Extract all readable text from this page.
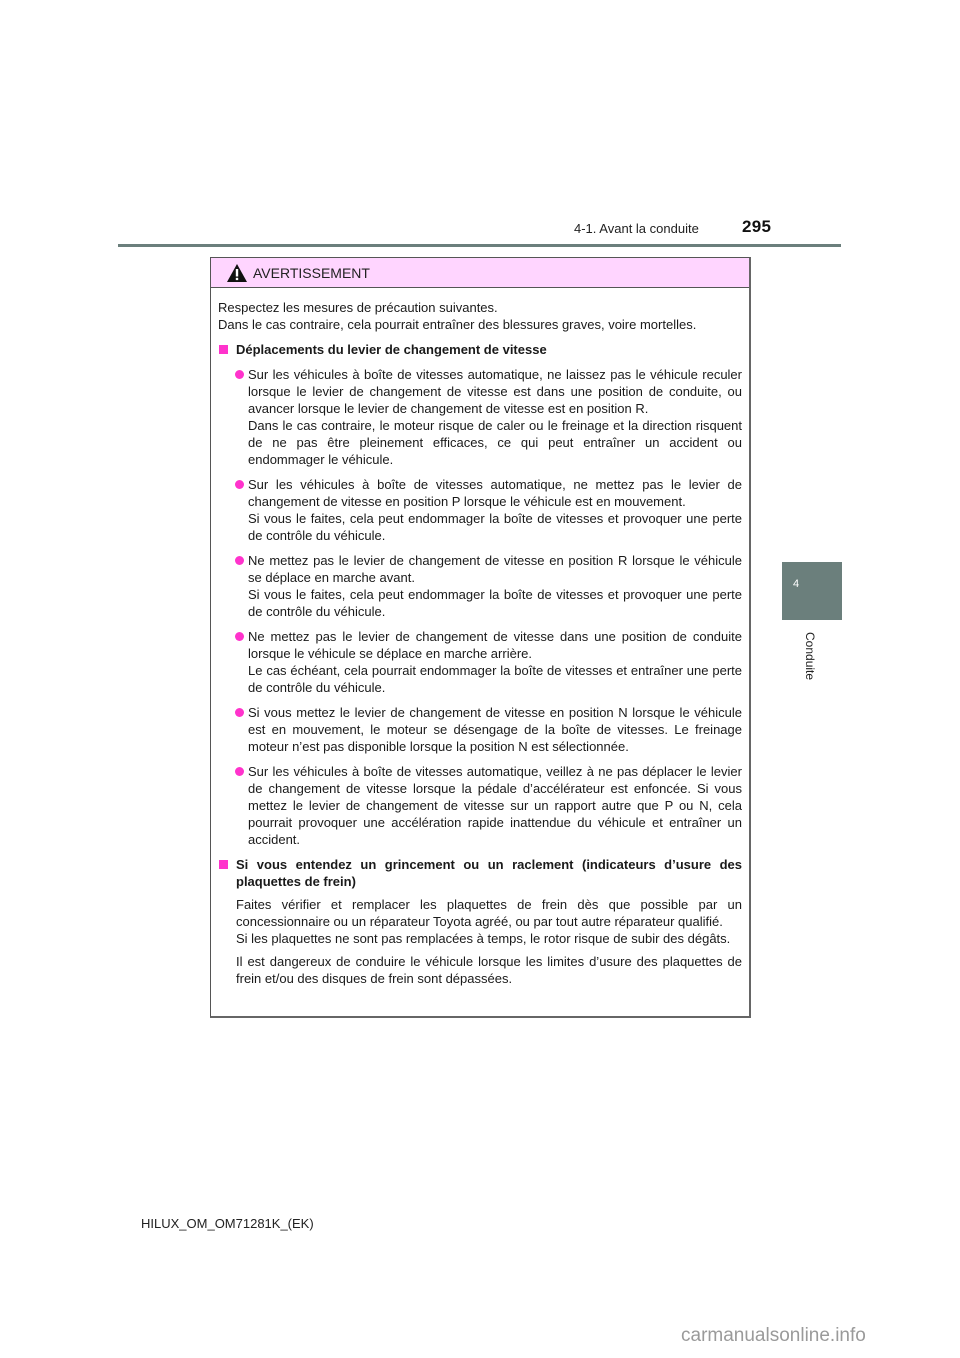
4-1. Avant la conduite	295
4
Conduite
AVERTISSEMENT

Respectez les mesures de précaution suivantes.

Dans le cas contraire, cela pourrait entraîner des blessures graves, voire mortelles.

Déplacements du levier de changement de vitesse

Sur les véhicules à boîte de vitesses automatique, ne laissez pas le véhicule reculer lorsque le levier de changement de vitesse est dans une position de conduite, ou avancer lorsque le levier de changement de vitesse est en position R.

Dans le cas contraire, le moteur risque de caler ou le freinage et la direction risquent de ne pas être pleinement efficaces, ce qui peut entraîner un accident ou endommager le véhicule.

Sur les véhicules à boîte de vitesses automatique, ne mettez pas le levier de changement de vitesse en position P lorsque le véhicule est en mouvement.

Si vous le faites, cela peut endommager la boîte de vitesses et provoquer une perte de contrôle du véhicule.

Ne mettez pas le levier de changement de vitesse en position R lorsque le véhicule se déplace en marche avant.

Si vous le faites, cela peut endommager la boîte de vitesses et provoquer une perte de contrôle du véhicule.

Ne mettez pas le levier de changement de vitesse dans une position de conduite lorsque le véhicule se déplace en marche arrière.

Le cas échéant, cela pourrait endommager la boîte de vitesses et entraîner une perte de contrôle du véhicule.

Si vous mettez le levier de changement de vitesse en position N lorsque le véhicule est en mouvement, le moteur se désengage de la boîte de vitesses. Le freinage moteur n’est pas disponible lorsque la position N est sélectionnée.

Sur les véhicules à boîte de vitesses automatique, veillez à ne pas déplacer le levier de changement de vitesse lorsque la pédale d’accélérateur est enfoncée. Si vous mettez le levier de changement de vitesse sur un rapport autre que P ou N, cela pourrait provoquer une accélération rapide inattendue du véhicule et entraîner un accident.

Si vous entendez un grincement ou un raclement (indicateurs d’usure des plaquettes de frein)

Faites vérifier et remplacer les plaquettes de frein dès que possible par un concessionnaire ou un réparateur Toyota agréé, ou par tout autre réparateur qualifié.

Si les plaquettes ne sont pas remplacées à temps, le rotor risque de subir des dégâts.

Il est dangereux de conduire le véhicule lorsque les limites d’usure des plaquettes de frein et/ou des disques de frein sont dépassées.

HILUX_OM_OM71281K_(EK)
carmanualsonline.info
